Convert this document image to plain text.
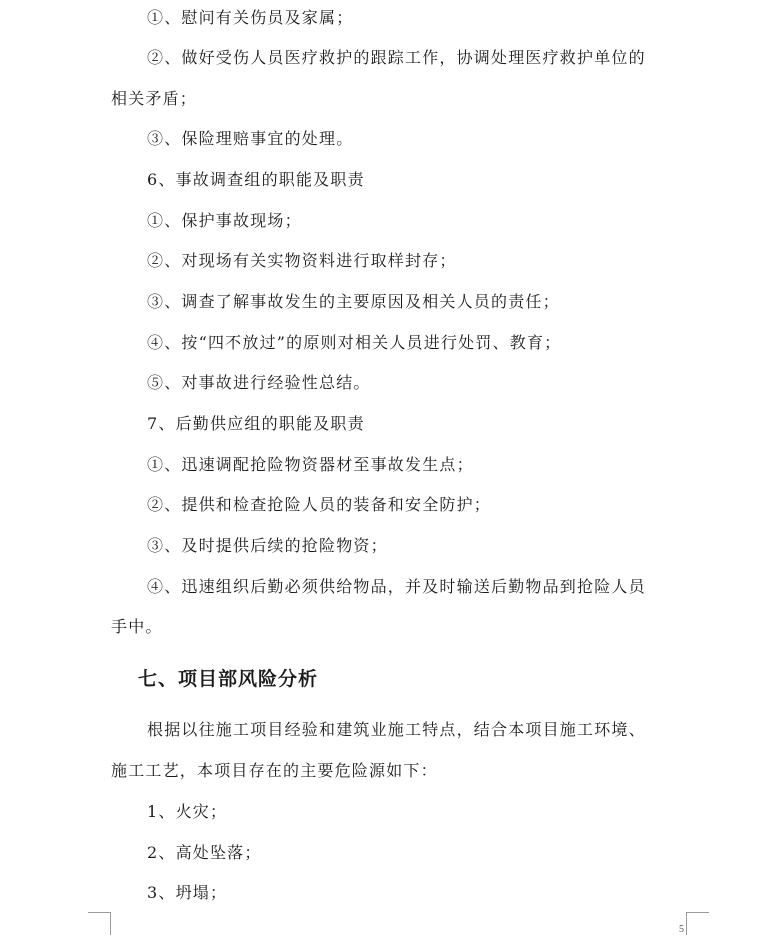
①、慰问有关伤员及家属；
②、做好受伤人员医疗救护的跟踪工作，协调处理医疗救护单位的
相关矛盾；
③、保险理赔事宜的处理。
6、事故调查组的职能及职责
①、保护事故现场；
②、对现场有关实物资料进行取样封存；
③、调查了解事故发生的主要原因及相关人员的责任；
④、按“四不放过”的原则对相关人员进行处罚、教育；
⑤、对事故进行经验性总结。
7、后勤供应组的职能及职责
①、迅速调配抢险物资器材至事故发生点；
②、提供和检查抢险人员的装备和安全防护；
③、及时提供后续的抢险物资；
④、迅速组织后勤必须供给物品，并及时输送后勤物品到抢险人员
手中。
七、项目部风险分析
根据以往施工项目经验和建筑业施工特点，结合本项目施工环境、
施工工艺，本项目存在的主要危险源如下：
1、火灾；
2、高处坠落；
3、坍塌；
5
